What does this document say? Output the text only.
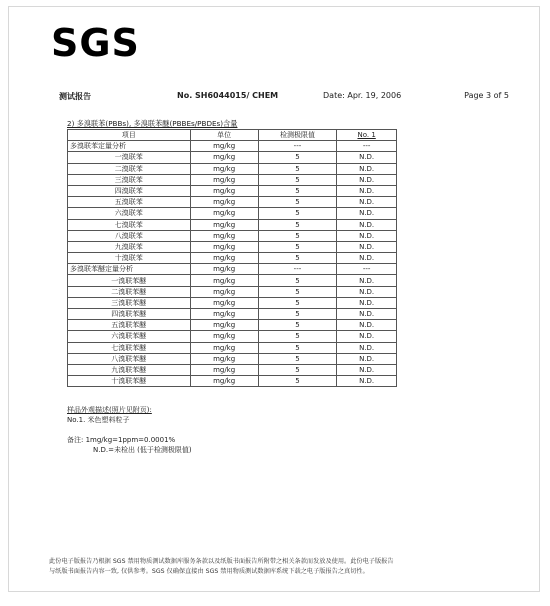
SGS
测试报告	No. SH6044015/ CHEM	Date: Apr. 19, 2006	Page 3 of 5
2) 多溴联苯(PBBs), 多溴联苯醚(PBBEs/PBDEs)含量
项目	单位	检测极限值	No. 1
多溴联苯定量分析	mg/kg	---	---
一溴联苯	mg/kg	5	N.D.
二溴联苯	mg/kg	5	N.D.
三溴联苯	mg/kg	5	N.D.
四溴联苯	mg/kg	5	N.D.
五溴联苯	mg/kg	5	N.D.
六溴联苯	mg/kg	5	N.D.
七溴联苯	mg/kg	5	N.D.
八溴联苯	mg/kg	5	N.D.
九溴联苯	mg/kg	5	N.D.
十溴联苯	mg/kg	5	N.D.
多溴联苯醚定量分析	mg/kg	---	---
一溴联苯醚	mg/kg	5	N.D.
二溴联苯醚	mg/kg	5	N.D.
三溴联苯醚	mg/kg	5	N.D.
四溴联苯醚	mg/kg	5	N.D.
五溴联苯醚	mg/kg	5	N.D.
六溴联苯醚	mg/kg	5	N.D.
七溴联苯醚	mg/kg	5	N.D.
八溴联苯醚	mg/kg	5	N.D.
九溴联苯醚	mg/kg	5	N.D.
十溴联苯醚	mg/kg	5	N.D.
样品外观描述(照片见附页):
No.1. 米色塑料粒子
备注: 1mg/kg=1ppm=0.0001%
N.D.=未检出 (低于检测极限值)
此份电子版报告乃根据 SGS 禁用物质测试数据库服务条款以及纸版书面报告所附带之相关条款而发放及使用。此份电子版报告
与纸版书面报告内容一致, 仅供参考。SGS 仅确保直接由 SGS 禁用物质测试数据库系统下载之电子版报告之真切性。
